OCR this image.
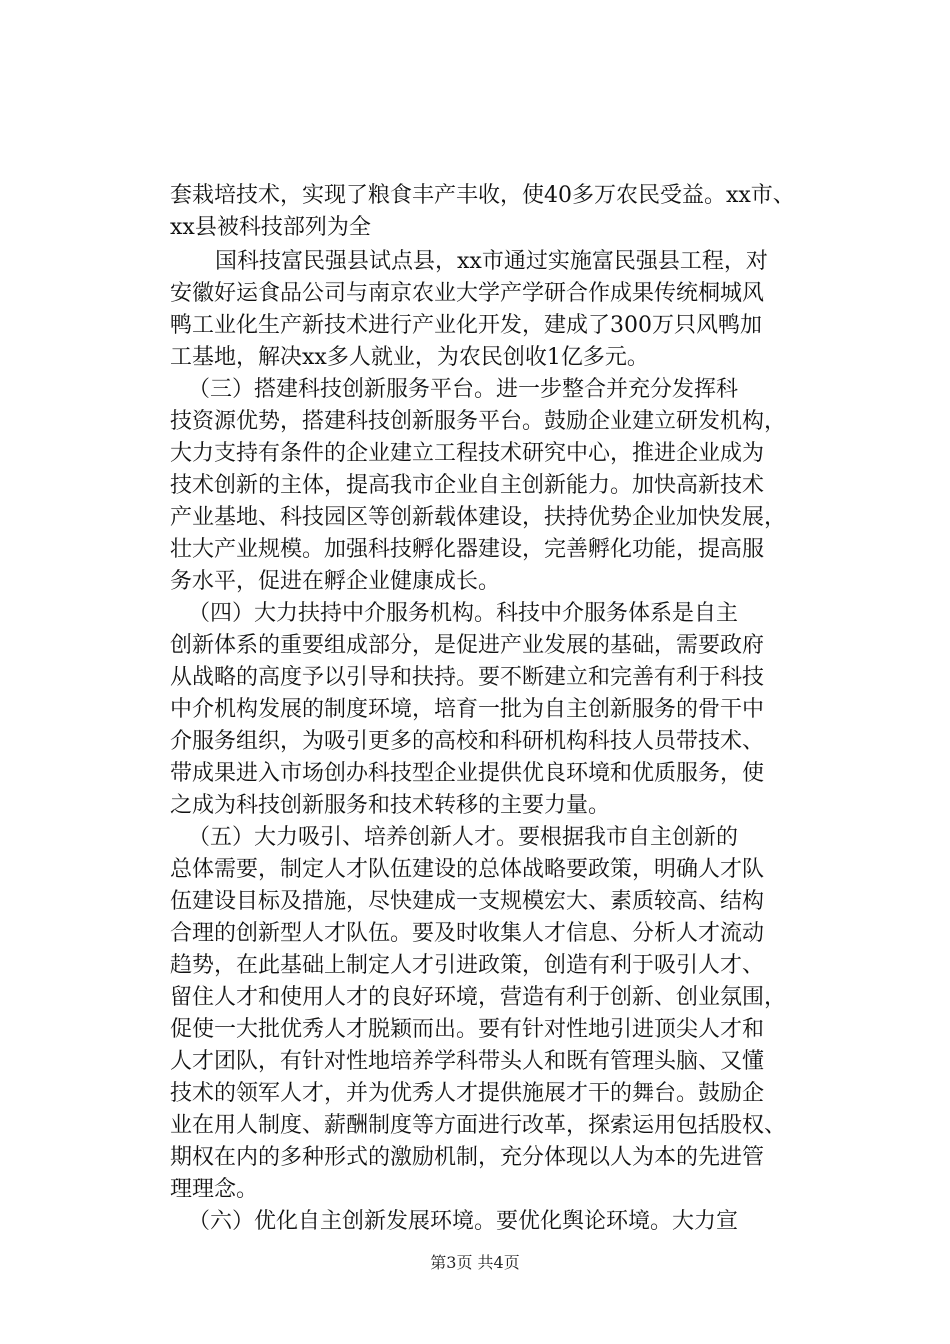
套栽培技术，实现了粮食丰产丰收，使40多万农民受益。xx市、
xx县被科技部列为全
国科技富民强县试点县，xx市通过实施富民强县工程，对
安徽好运食品公司与南京农业大学产学研合作成果传统桐城风
鸭工业化生产新技术进行产业化开发，建成了300万只风鸭加
工基地，解决xx多人就业，为农民创收1亿多元。
（三）搭建科技创新服务平台。进一步整合并充分发挥科
技资源优势，搭建科技创新服务平台。鼓励企业建立研发机构，
大力支持有条件的企业建立工程技术研究中心，推进企业成为
技术创新的主体，提高我市企业自主创新能力。加快高新技术
产业基地、科技园区等创新载体建设，扶持优势企业加快发展，
壮大产业规模。加强科技孵化器建设，完善孵化功能，提高服
务水平，促进在孵企业健康成长。
（四）大力扶持中介服务机构。科技中介服务体系是自主
创新体系的重要组成部分，是促进产业发展的基础，需要政府
从战略的高度予以引导和扶持。要不断建立和完善有利于科技
中介机构发展的制度环境，培育一批为自主创新服务的骨干中
介服务组织，为吸引更多的高校和科研机构科技人员带技术、
带成果进入市场创办科技型企业提供优良环境和优质服务，使
之成为科技创新服务和技术转移的主要力量。
（五）大力吸引、培养创新人才。要根据我市自主创新的
总体需要，制定人才队伍建设的总体战略要政策，明确人才队
伍建设目标及措施，尽快建成一支规模宏大、素质较高、结构
合理的创新型人才队伍。要及时收集人才信息、分析人才流动
趋势，在此基础上制定人才引进政策，创造有利于吸引人才、
留住人才和使用人才的良好环境，营造有利于创新、创业氛围，
促使一大批优秀人才脱颖而出。要有针对性地引进顶尖人才和
人才团队，有针对性地培养学科带头人和既有管理头脑、又懂
技术的领军人才，并为优秀人才提供施展才干的舞台。鼓励企
业在用人制度、薪酬制度等方面进行改革，探索运用包括股权、
期权在内的多种形式的激励机制，充分体现以人为本的先进管
理理念。
（六）优化自主创新发展环境。要优化舆论环境。大力宣
第3页 共4页
